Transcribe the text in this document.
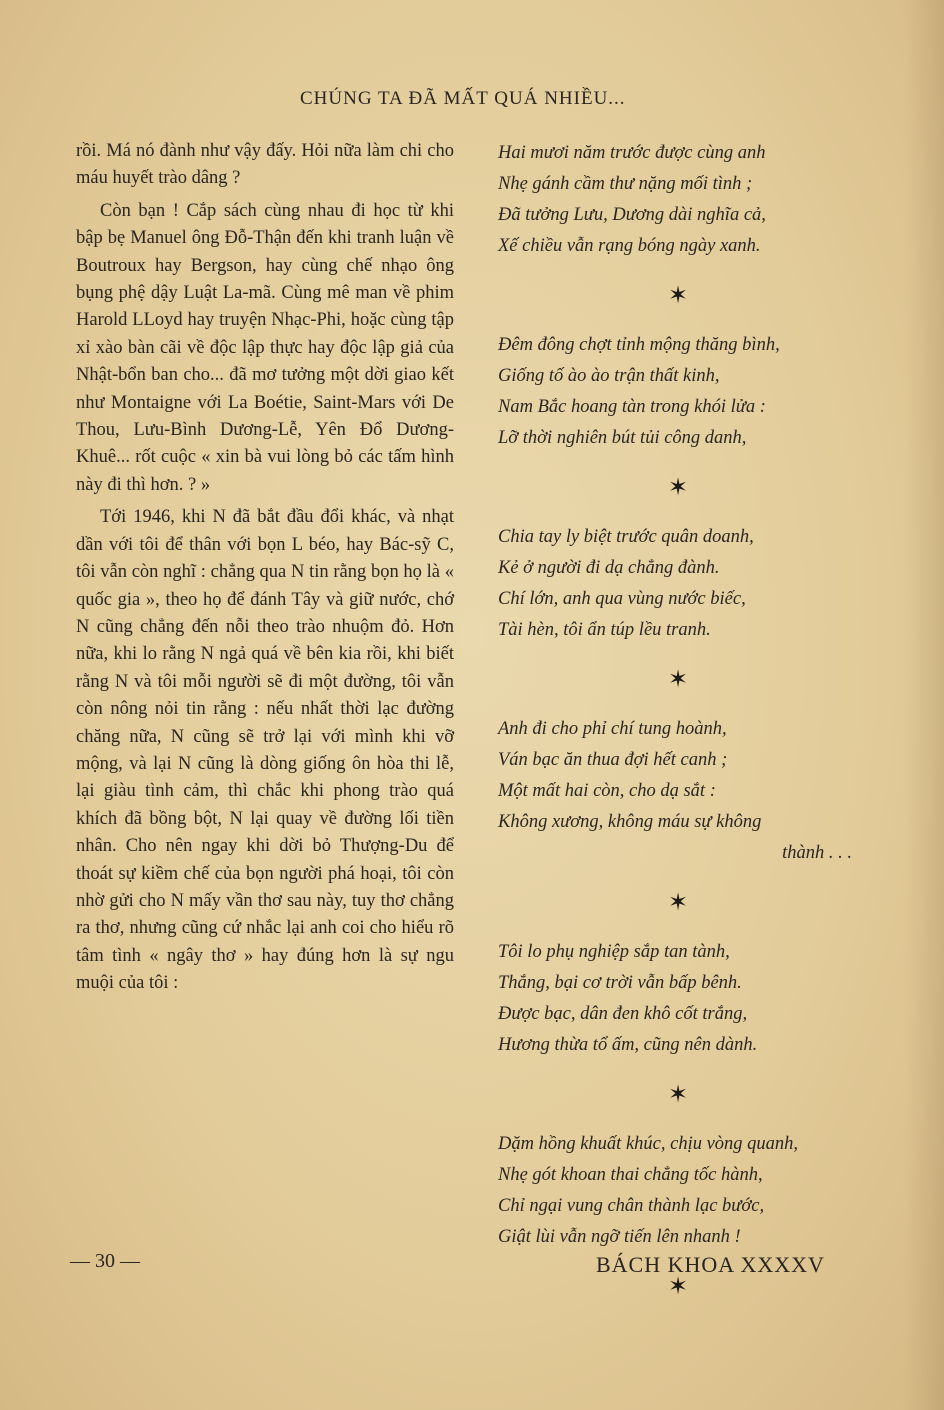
CHÚNG TA ĐÃ MẤT QUÁ NHIỀU...

rồi. Má nó đành như vậy đấy. Hỏi nữa làm chi cho máu huyết trào dâng ?

Còn bạn ! Cắp sách cùng nhau đi học từ khi bập bẹ Manuel ông Đỗ-Thận đến khi tranh luận về Boutroux hay Bergson, hay cùng chế nhạo ông bụng phệ dậy Luật La-mã. Cùng mê man về phim Harold LLoyd hay truyện Nhạc-Phi, hoặc cùng tập xỉ xào bàn cãi về độc lập thực hay độc lập giả của Nhật-bổn ban cho... đã mơ tưởng một dời giao kết như Montaigne với La Boétie, Saint-Mars với De Thou, Lưu-Bình Dương-Lễ, Yên Đổ Dương-Khuê... rốt cuộc « xin bà vui lòng bỏ các tấm hình này đi thì hơn. ? »

Tới 1946, khi N đã bắt đầu đổi khác, và nhạt dần với tôi để thân với bọn L béo, hay Bác-sỹ C, tôi vẫn còn nghĩ : chẳng qua N tin rằng bọn họ là « quốc gia », theo họ để đánh Tây và giữ nước, chớ N cũng chẳng đến nỗi theo trào nhuộm đỏ. Hơn nữa, khi lo rằng N ngả quá về bên kia rồi, khi biết rằng N và tôi mỗi người sẽ đi một đường, tôi vẫn còn nông nỏi tin rằng : nếu nhất thời lạc đường chăng nữa, N cũng sẽ trở lại với mình khi vỡ mộng, và lại N cũng là dòng giống ôn hòa thi lễ, lại giàu tình cảm, thì chắc khi phong trào quá khích đã bồng bột, N lại quay về đường lối tiền nhân. Cho nên ngay khi dời bỏ Thượng-Du để thoát sự kiềm chế của bọn người phá hoại, tôi còn nhờ gửi cho N mấy vần thơ sau này, tuy thơ chẳng ra thơ, nhưng cũng cứ nhắc lại anh coi cho hiểu rõ tâm tình « ngây thơ » hay đúng hơn là sự ngu muội của tôi :

Hai mươi năm trước được cùng anh
Nhẹ gánh cầm thư nặng mối tình ;
Đã tưởng Lưu, Dương dài nghĩa cả,
Xế chiều vẫn rạng bóng ngày xanh.
✶
Đêm đông chợt tỉnh mộng thăng bình,
Giống tố ào ào trận thất kinh,
Nam Bắc hoang tàn trong khói lửa :
Lỡ thời nghiên bút tủi công danh,
✶
Chia tay ly biệt trước quân doanh,
Kẻ ở người đi dạ chẳng đành.
Chí lớn, anh qua vùng nước biếc,
Tài hèn, tôi ẩn túp lều tranh.
✶
Anh đi cho phỉ chí tung hoành,
Ván bạc ăn thua đợi hết canh ;
Một mất hai còn, cho dạ sắt :
Không xương, không máu sự không
thành . . .
✶
Tôi lo phụ nghiệp sắp tan tành,
Thắng, bại cơ trời vẫn bấp bênh.
Được bạc, dân đen khô cốt trắng,
Hương thừa tổ ấm, cũng nên dành.
✶
Dặm hồng khuất khúc, chịu vòng quanh,
Nhẹ gót khoan thai chẳng tốc hành,
Chỉ ngại vung chân thành lạc bước,
Giật lùi vẫn ngỡ tiến lên nhanh !
✶
— 30 —	BÁCH KHOA XXXXV
